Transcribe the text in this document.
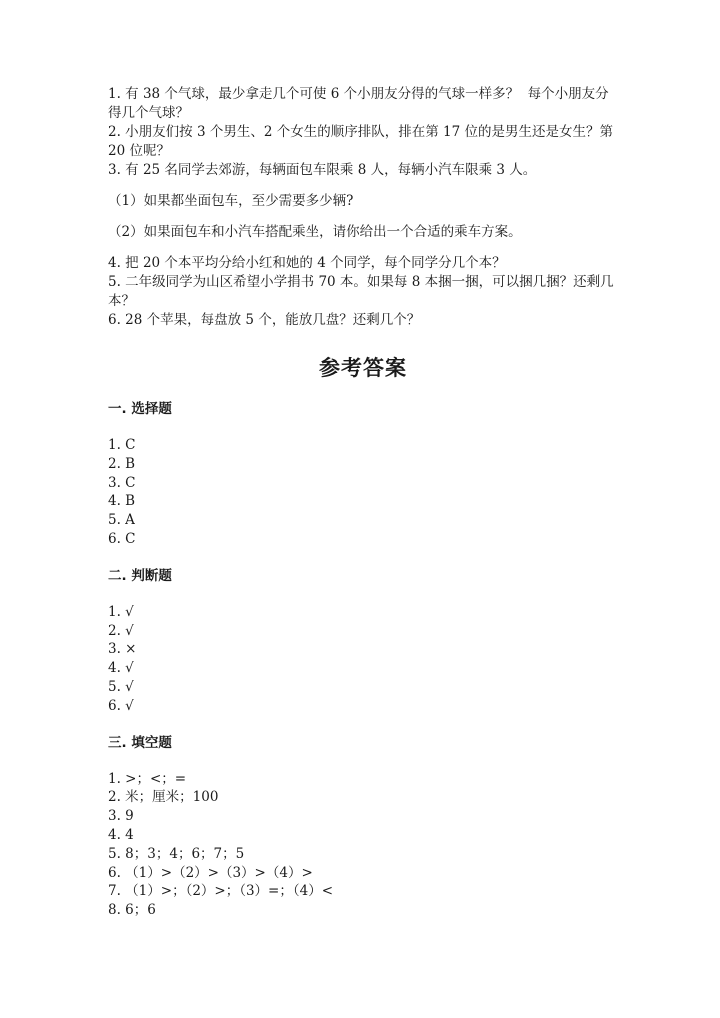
1. 有 38 个气球，最少拿走几个可使 6 个小朋友分得的气球一样多？  每个小朋友分得几个气球？
2. 小朋友们按 3 个男生、2 个女生的顺序排队，排在第 17 位的是男生还是女生？第 20 位呢？
3. 有 25 名同学去郊游，每辆面包车限乘 8 人，每辆小汽车限乘 3 人。
（1）如果都坐面包车，至少需要多少辆?
（2）如果面包车和小汽车搭配乘坐，请你给出一个合适的乘车方案。
4. 把 20 个本平均分给小红和她的 4 个同学，每个同学分几个本？
5. 二年级同学为山区希望小学捐书 70 本。如果每 8 本捆一捆，可以捆几捆？还剩几本？
6. 28 个苹果，每盘放 5 个，能放几盘？还剩几个？
参考答案
一. 选择题
1. C
2. B
3. C
4. B
5. A
6. C
二. 判断题
1. √
2. √
3. ×
4. √
5. √
6. √
三. 填空题
1. >；<；=
2. 米；厘米；100
3. 9
4. 4
5. 8；3；4；6；7；5
6. （1）>（2）>（3）>（4）>
7. （1）>；（2）>；（3）=；（4）<
8. 6；6
